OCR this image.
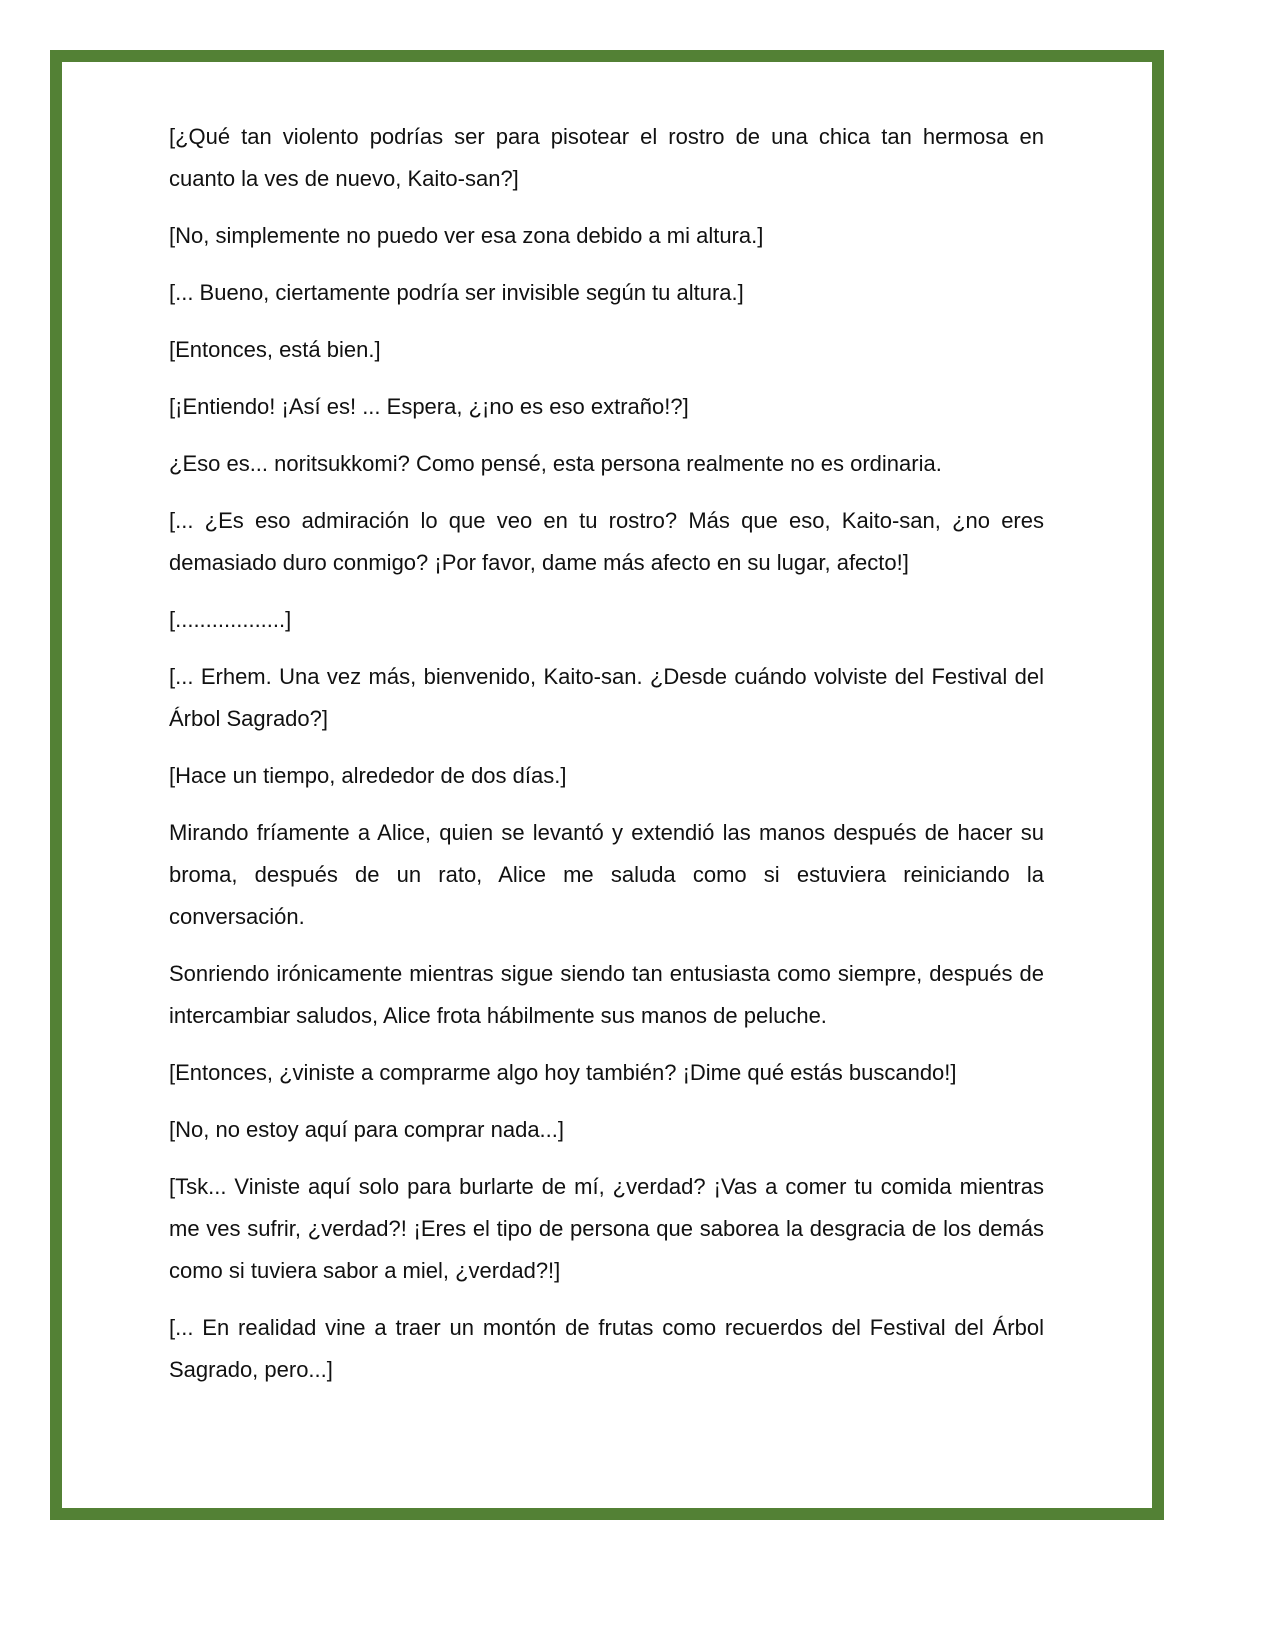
[¿Qué tan violento podrías ser para pisotear el rostro de una chica tan hermosa en cuanto la ves de nuevo, Kaito-san?]

[No, simplemente no puedo ver esa zona debido a mi altura.]

[... Bueno, ciertamente podría ser invisible según tu altura.]

[Entonces, está bien.]

[¡Entiendo! ¡Así es! ... Espera, ¿¡no es eso extraño!?]

¿Eso es... noritsukkomi? Como pensé, esta persona realmente no es ordinaria.

[... ¿Es eso admiración lo que veo en tu rostro? Más que eso, Kaito-san, ¿no eres demasiado duro conmigo? ¡Por favor, dame más afecto en su lugar, afecto!]

[..................]

[... Erhem. Una vez más, bienvenido, Kaito-san. ¿Desde cuándo volviste del Festival del Árbol Sagrado?]

[Hace un tiempo, alrededor de dos días.]

Mirando fríamente a Alice, quien se levantó y extendió las manos después de hacer su broma, después de un rato, Alice me saluda como si estuviera reiniciando la conversación.

Sonriendo irónicamente mientras sigue siendo tan entusiasta como siempre, después de intercambiar saludos, Alice frota hábilmente sus manos de peluche.

[Entonces, ¿viniste a comprarme algo hoy también? ¡Dime qué estás buscando!]

[No, no estoy aquí para comprar nada...]

[Tsk... Viniste aquí solo para burlarte de mí, ¿verdad? ¡Vas a comer tu comida mientras me ves sufrir, ¿verdad?! ¡Eres el tipo de persona que saborea la desgracia de los demás como si tuviera sabor a miel, ¿verdad?!]

[... En realidad vine a traer un montón de frutas como recuerdos del Festival del Árbol Sagrado, pero...]
